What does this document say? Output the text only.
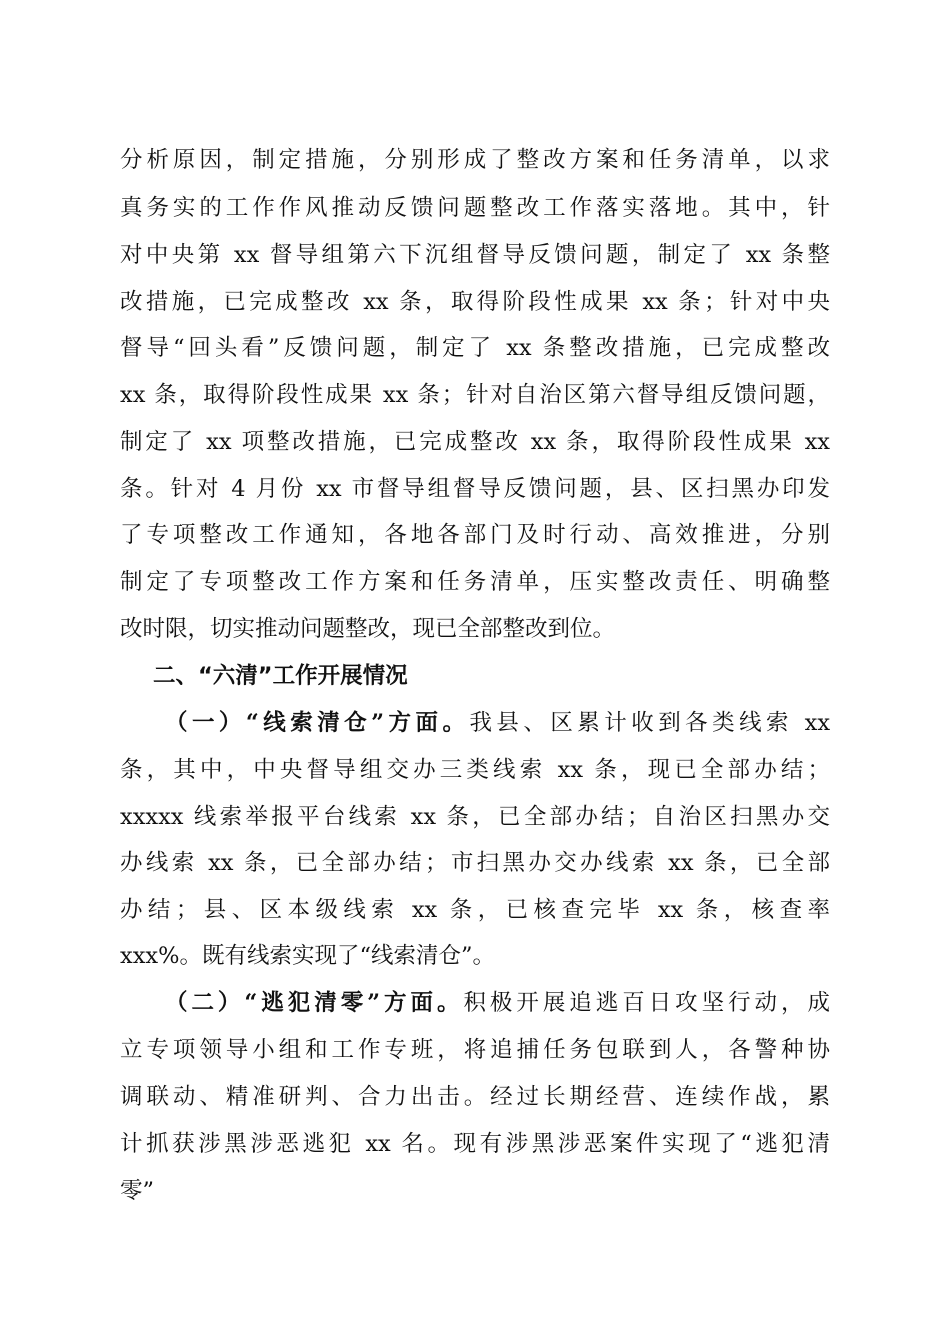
分析原因，制定措施，分别形成了整改方案和任务清单，以求
真务实的工作作风推动反馈问题整改工作落实落地。其中，针
对中央第 xx 督导组第六下沉组督导反馈问题，制定了 xx 条整
改措施，已完成整改 xx 条，取得阶段性成果 xx 条；针对中央
督导“回头看”反馈问题，制定了 xx 条整改措施，已完成整改
xx 条，取得阶段性成果 xx 条；针对自治区第六督导组反馈问题，
制定了 xx 项整改措施，已完成整改 xx 条，取得阶段性成果 xx
条。针对 4 月份 xx 市督导组督导反馈问题，县、区扫黑办印发
了专项整改工作通知，各地各部门及时行动、高效推进，分别
制定了专项整改工作方案和任务清单，压实整改责任、明确整
改时限，切实推动问题整改，现已全部整改到位。
二、“六清”工作开展情况
（一）“线索清仓”方面。我县、区累计收到各类线索 xx
条，其中，中央督导组交办三类线索 xx 条，现已全部办结；
xxxxx 线索举报平台线索 xx 条，已全部办结；自治区扫黑办交
办线索 xx 条，已全部办结；市扫黑办交办线索 xx 条，已全部
办结；县、区本级线索 xx 条，已核查完毕 xx 条，核查率
xxx%。既有线索实现了“线索清仓”。
（二）“逃犯清零”方面。积极开展追逃百日攻坚行动，成
立专项领导小组和工作专班，将追捕任务包联到人，各警种协
调联动、精准研判、合力出击。经过长期经营、连续作战，累
计抓获涉黑涉恶逃犯 xx 名。现有涉黑涉恶案件实现了“逃犯清
零”
